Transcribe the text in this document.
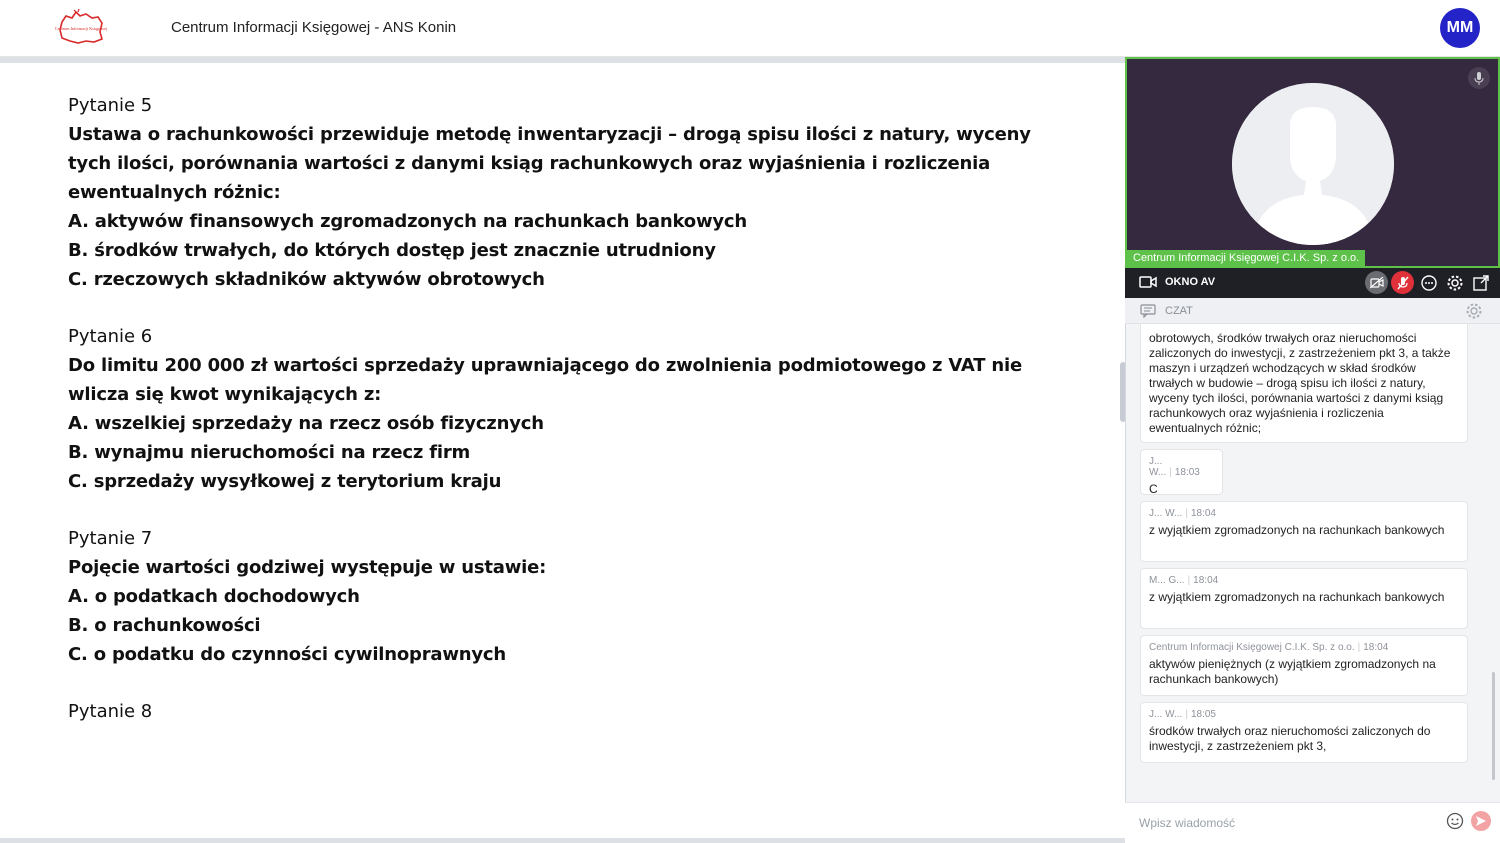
Centrum Informacji Księgowej	Centrum Informacji Księgowej - ANS Konin	MM
Pytanie 5
Ustawa o rachunkowości przewiduje metodę inwentaryzacji – drogą spisu ilości z natury, wyceny tych ilości, porównania wartości z danymi ksiąg rachunkowych oraz wyjaśnienia i rozliczenia ewentualnych różnic:
A. aktywów finansowych zgromadzonych na rachunkach bankowych
B. środków trwałych, do których dostęp jest znacznie utrudniony
C. rzeczowych składników aktywów obrotowych
Pytanie 6
Do limitu 200 000 zł wartości sprzedaży uprawniającego do zwolnienia podmiotowego z VAT nie wlicza się kwot wynikających z:
A. wszelkiej sprzedaży na rzecz osób fizycznych
B. wynajmu nieruchomości na rzecz firm
C. sprzedaży wysyłkowej z terytorium kraju
Pytanie 7
Pojęcie wartości godziwej występuje w ustawie:
A. o podatkach dochodowych
B. o rachunkowości
C. o podatku do czynności cywilnoprawnych
Pytanie 8
Centrum Informacji Księgowej C.I.K. Sp. z o.o.
OKNO AV
CZAT
obrotowych, środków trwałych oraz nieruchomości zaliczonych do inwestycji, z zastrzeżeniem pkt 3, a także maszyn i urządzeń wchodzących w skład środków trwałych w budowie – drogą spisu ich ilości z natury, wyceny tych ilości, porównania wartości z danymi ksiąg rachunkowych oraz wyjaśnienia i rozliczenia ewentualnych różnic;
J... W... | 18:03
C
J... W... | 18:04
z wyjątkiem zgromadzonych na rachunkach bankowych
M... G... | 18:04
z wyjątkiem zgromadzonych na rachunkach bankowych
Centrum Informacji Księgowej C.I.K. Sp. z o.o. | 18:04
aktywów pieniężnych (z wyjątkiem zgromadzonych na rachunkach bankowych)
J... W... | 18:05
środków trwałych oraz nieruchomości zaliczonych do inwestycji, z zastrzeżeniem pkt 3,
Wpisz wiadomość
